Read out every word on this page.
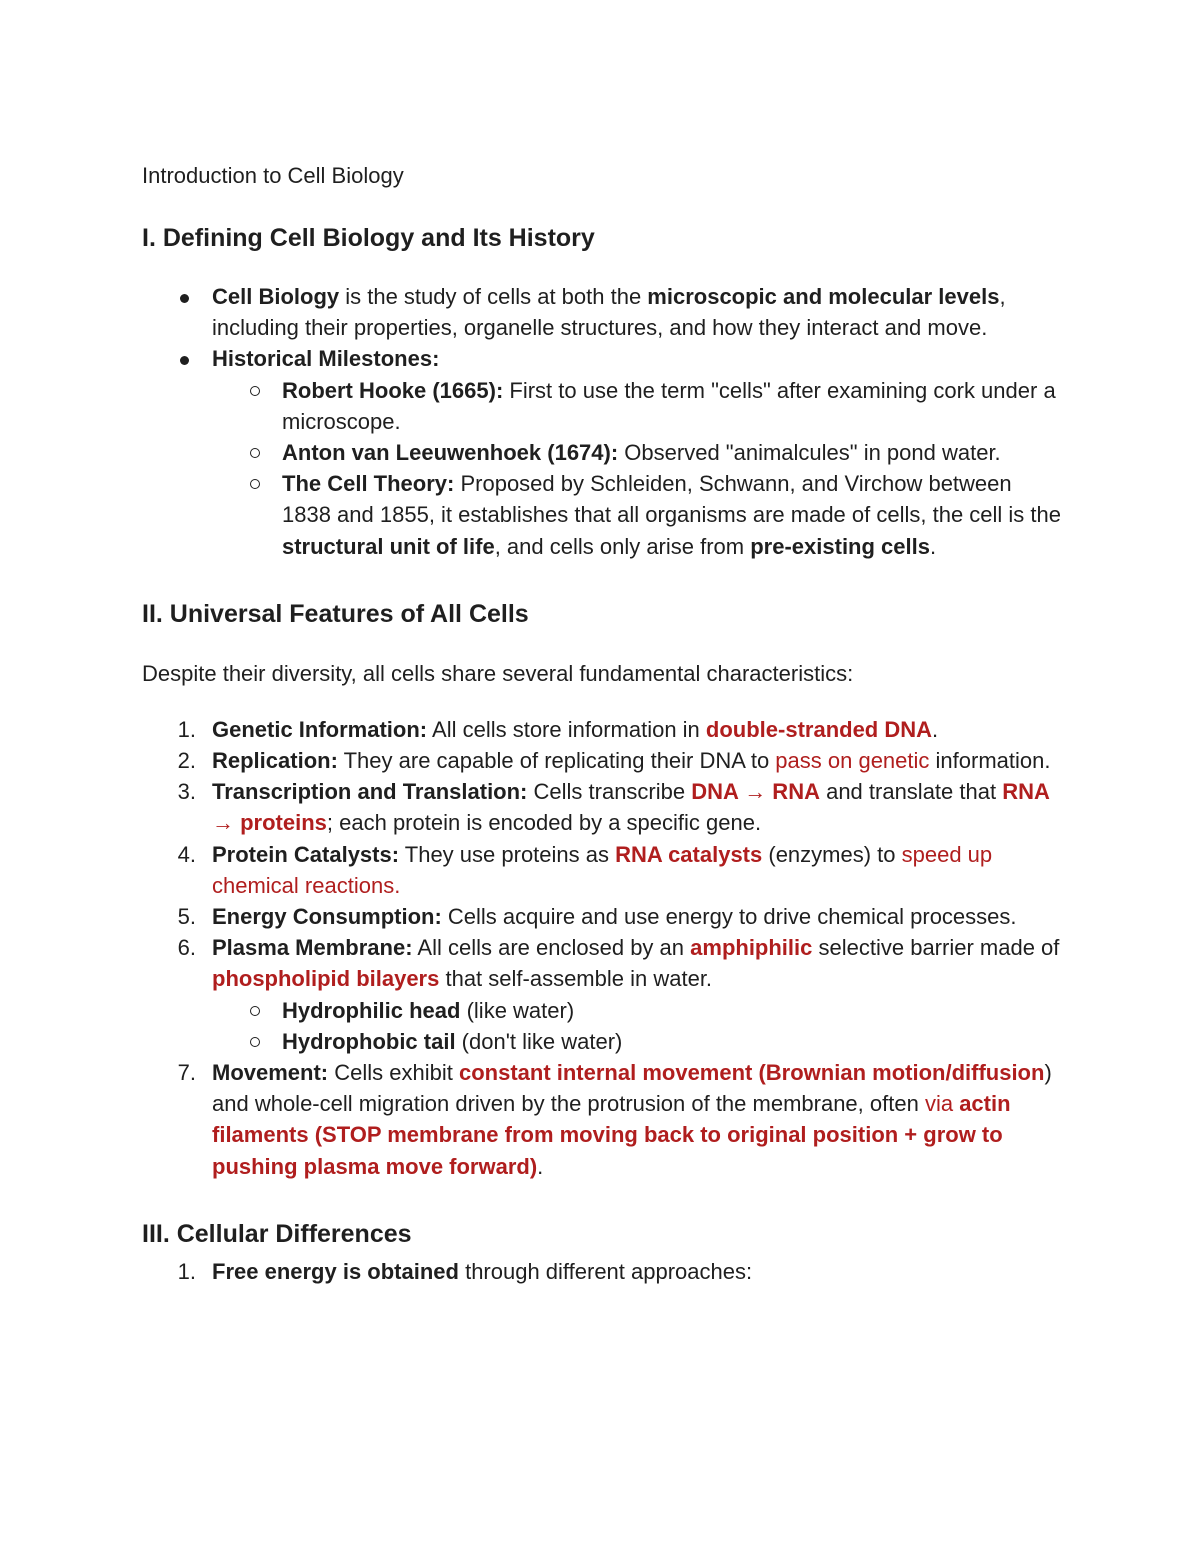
Introduction to Cell Biology
I. Defining Cell Biology and Its History
Cell Biology is the study of cells at both the microscopic and molecular levels, including their properties, organelle structures, and how they interact and move.
Historical Milestones:
Robert Hooke (1665): First to use the term "cells" after examining cork under a microscope.
Anton van Leeuwenhoek (1674): Observed "animalcules" in pond water.
The Cell Theory: Proposed by Schleiden, Schwann, and Virchow between 1838 and 1855, it establishes that all organisms are made of cells, the cell is the structural unit of life, and cells only arise from pre-existing cells.
II. Universal Features of All Cells

Despite their diversity, all cells share several fundamental characteristics:

1. Genetic Information: All cells store information in double-stranded DNA.
2. Replication: They are capable of replicating their DNA to pass on genetic information.
3. Transcription and Translation: Cells transcribe DNA → RNA and translate that RNA → proteins; each protein is encoded by a specific gene.
4. Protein Catalysts: They use proteins as RNA catalysts (enzymes) to speed up chemical reactions.
5. Energy Consumption: Cells acquire and use energy to drive chemical processes.
6. Plasma Membrane: All cells are enclosed by an amphiphilic selective barrier made of phospholipid bilayers that self-assemble in water.
Hydrophilic head (like water)
Hydrophobic tail (don't like water)
7. Movement: Cells exhibit constant internal movement (Brownian motion/diffusion) and whole-cell migration driven by the protrusion of the membrane, often via actin filaments (STOP membrane from moving back to original position + grow to pushing plasma move forward).
III. Cellular Differences
1. Free energy is obtained through different approaches:
